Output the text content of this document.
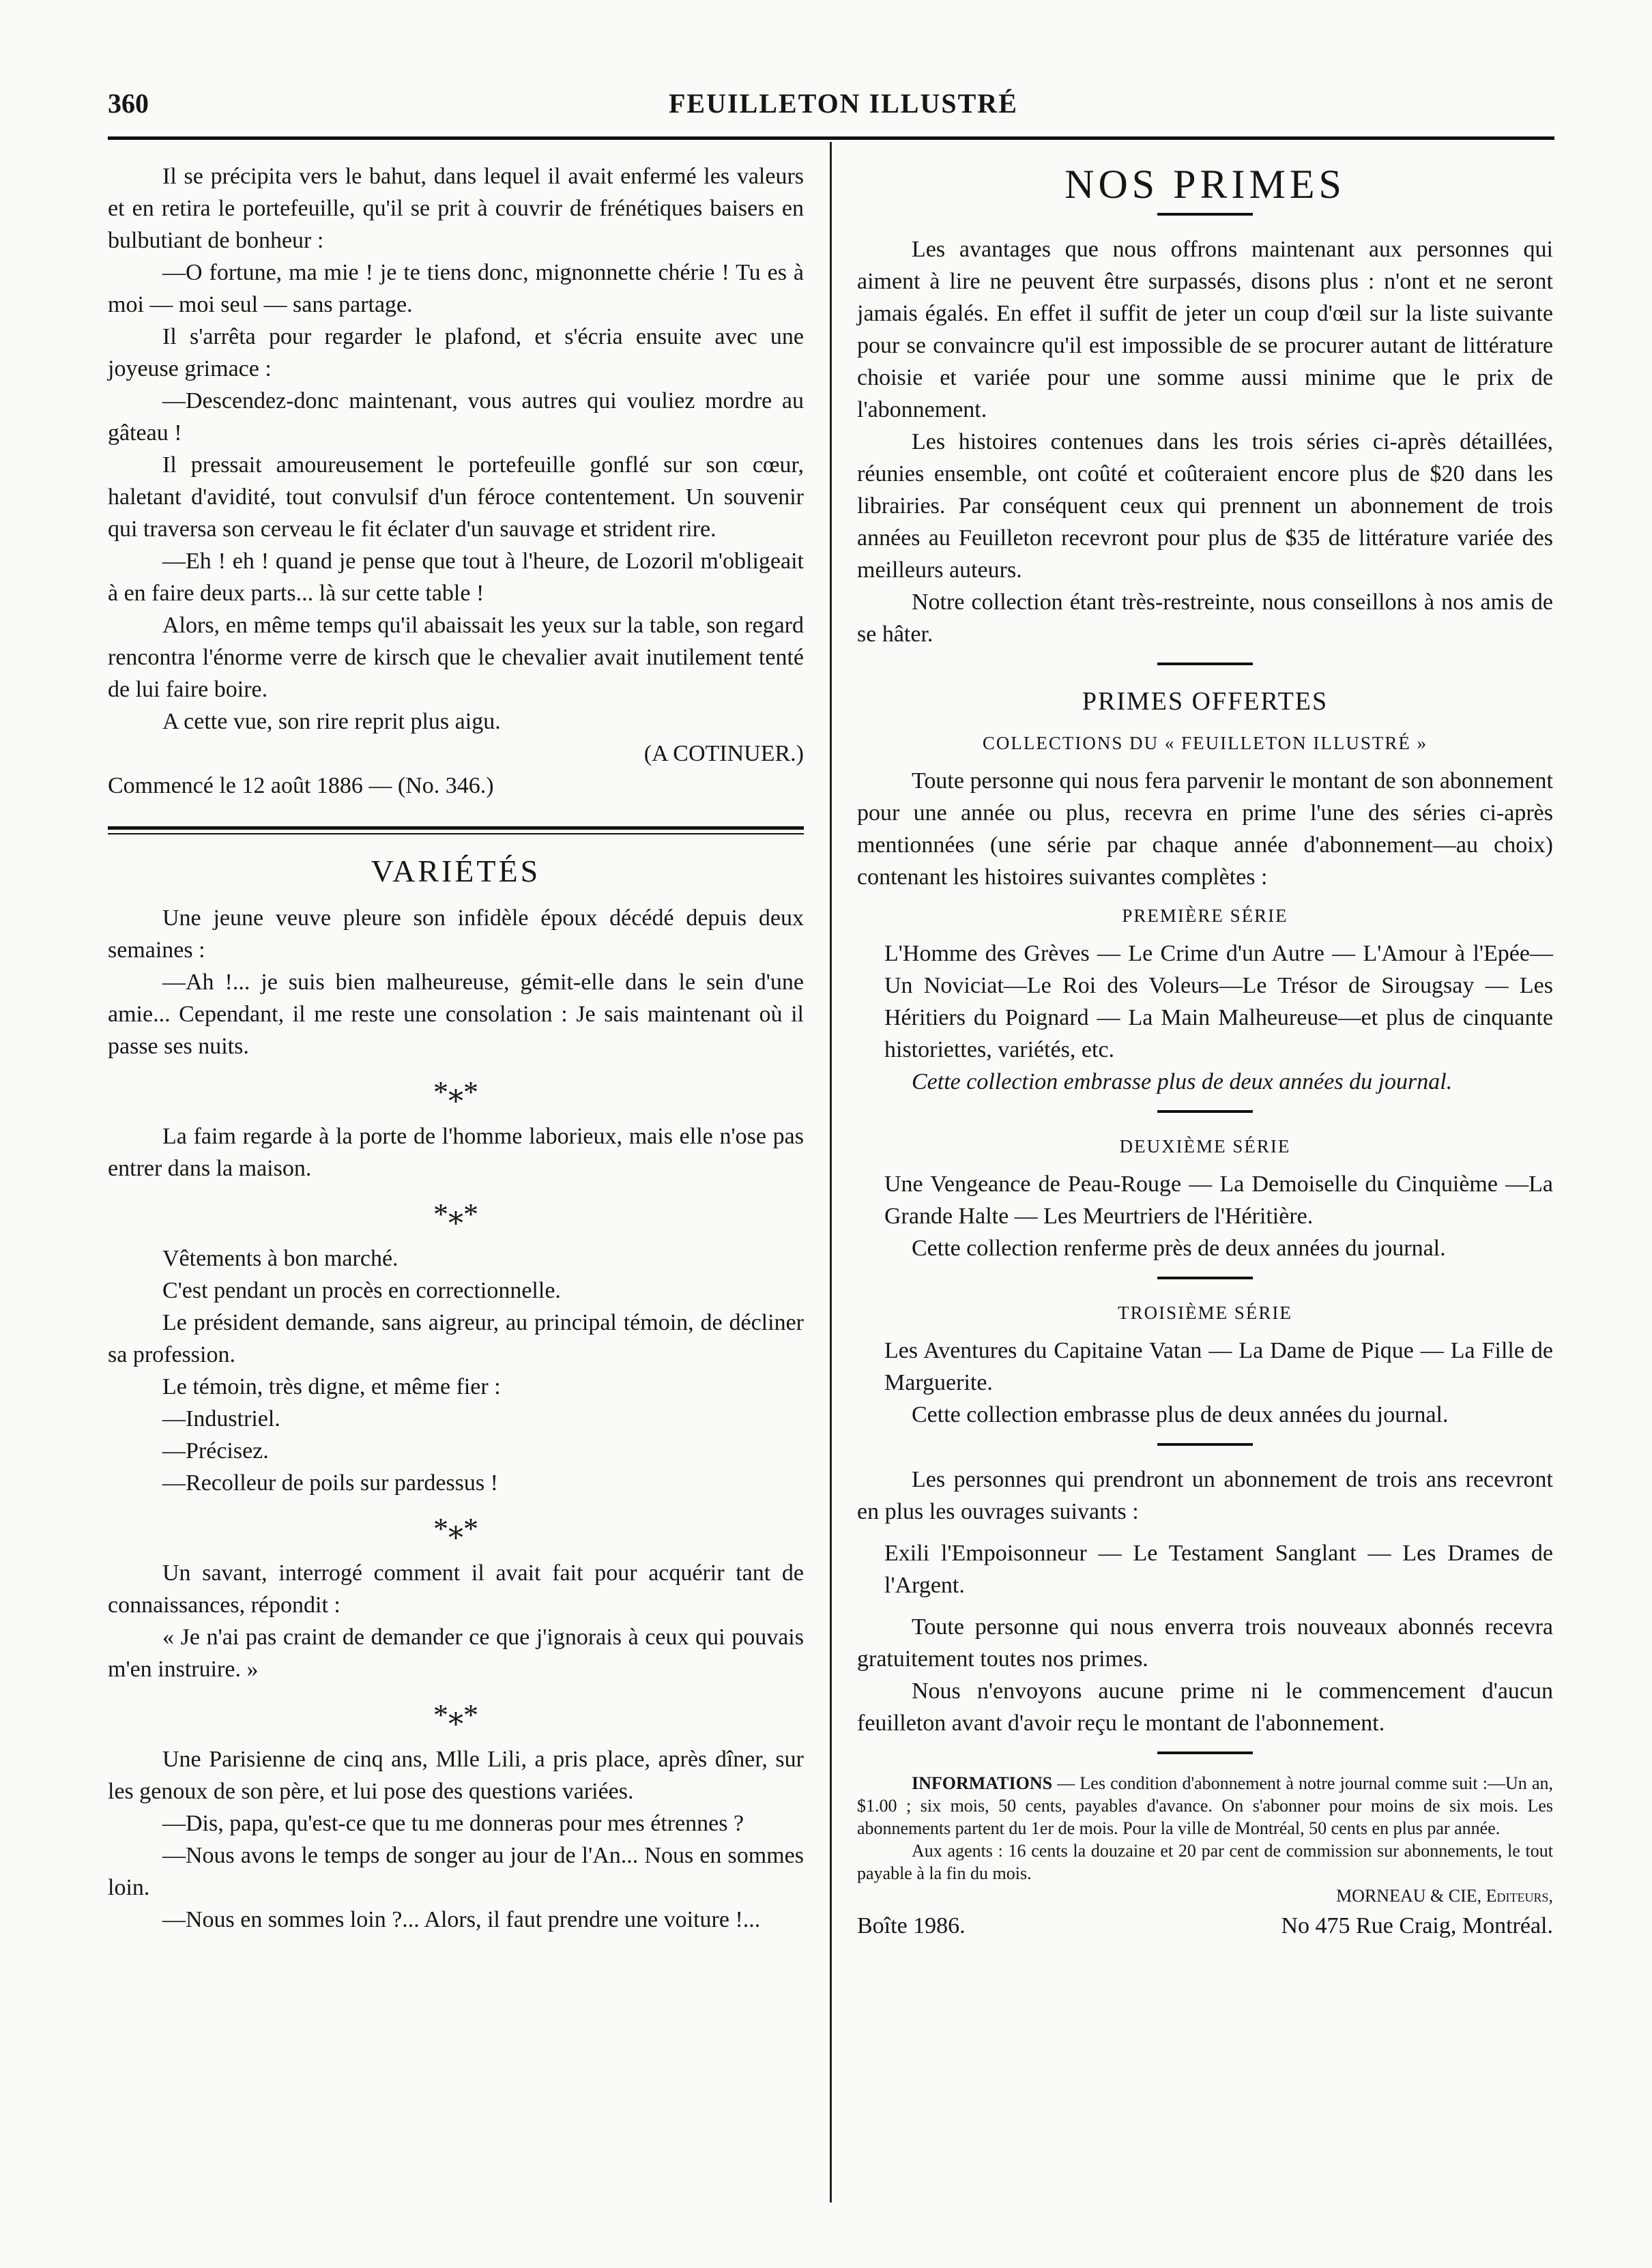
360	FEUILLETON ILLUSTRÉ

Il se précipita vers le bahut, dans lequel il avait enfermé les valeurs et en retira le portefeuille, qu'il se prit à couvrir de frénétiques baisers en bulbutiant de bonheur :

—O fortune, ma mie ! je te tiens donc, mignonnette chérie ! Tu es à moi — moi seul — sans partage.

Il s'arrêta pour regarder le plafond, et s'écria ensuite avec une joyeuse grimace :

—Descendez-donc maintenant, vous autres qui vouliez mordre au gâteau !

Il pressait amoureusement le portefeuille gonflé sur son cœur, haletant d'avidité, tout convulsif d'un féroce contentement. Un souvenir qui traversa son cerveau le fit éclater d'un sauvage et strident rire.

—Eh ! eh ! quand je pense que tout à l'heure, de Lozoril m'obligeait à en faire deux parts... là sur cette table !

Alors, en même temps qu'il abaissait les yeux sur la table, son regard rencontra l'énorme verre de kirsch que le chevalier avait inutilement tenté de lui faire boire.

A cette vue, son rire reprit plus aigu.

(A COTINUER.)

Commencé le 12 août 1886 — (No. 346.)

VARIÉTÉS

Une jeune veuve pleure son infidèle époux décédé depuis deux semaines :

—Ah !... je suis bien malheureuse, gémit-elle dans le sein d'une amie... Cependant, il me reste une consolation : Je sais maintenant où il passe ses nuits.

*⁎*

La faim regarde à la porte de l'homme laborieux, mais elle n'ose pas entrer dans la maison.

*⁎*

Vêtements à bon marché.

C'est pendant un procès en correctionnelle.

Le président demande, sans aigreur, au principal témoin, de décliner sa profession.

Le témoin, très digne, et même fier :

—Industriel.

—Précisez.

—Recolleur de poils sur pardessus !

*⁎*

Un savant, interrogé comment il avait fait pour acquérir tant de connaissances, répondit :

« Je n'ai pas craint de demander ce que j'ignorais à ceux qui pouvais m'en instruire. »

*⁎*

Une Parisienne de cinq ans, Mlle Lili, a pris place, après dîner, sur les genoux de son père, et lui pose des questions variées.

—Dis, papa, qu'est-ce que tu me donneras pour mes étrennes ?

—Nous avons le temps de songer au jour de l'An... Nous en sommes loin.

—Nous en sommes loin ?... Alors, il faut prendre une voiture !...

NOS PRIMES

Les avantages que nous offrons maintenant aux personnes qui aiment à lire ne peuvent être surpassés, disons plus : n'ont et ne seront jamais égalés. En effet il suffit de jeter un coup d'œil sur la liste suivante pour se convaincre qu'il est impossible de se procurer autant de littérature choisie et variée pour une somme aussi minime que le prix de l'abonnement.

Les histoires contenues dans les trois séries ci-après détaillées, réunies ensemble, ont coûté et coûteraient encore plus de $20 dans les librairies. Par conséquent ceux qui prennent un abonnement de trois années au Feuilleton recevront pour plus de $35 de littérature variée des meilleurs auteurs.

Notre collection étant très-restreinte, nous conseillons à nos amis de se hâter.

PRIMES OFFERTES
COLLECTIONS DU « FEUILLETON ILLUSTRÉ »

Toute personne qui nous fera parvenir le montant de son abonnement pour une année ou plus, recevra en prime l'une des séries ci-après mentionnées (une série par chaque année d'abonnement—au choix) contenant les histoires suivantes complètes :

PREMIÈRE SÉRIE

L'Homme des Grèves — Le Crime d'un Autre — L'Amour à l'Epée—Un Noviciat—Le Roi des Voleurs—Le Trésor de Sirougsay — Les Héritiers du Poignard — La Main Malheureuse—et plus de cinquante historiettes, variétés, etc.

Cette collection embrasse plus de deux années du journal.

DEUXIÈME SÉRIE

Une Vengeance de Peau-Rouge — La Demoiselle du Cinquième —La Grande Halte — Les Meurtriers de l'Héritière.

Cette collection renferme près de deux années du journal.

TROISIÈME SÉRIE

Les Aventures du Capitaine Vatan — La Dame de Pique — La Fille de Marguerite.

Cette collection embrasse plus de deux années du journal.

Les personnes qui prendront un abonnement de trois ans recevront en plus les ouvrages suivants :

Exili l'Empoisonneur — Le Testament Sanglant — Les Drames de l'Argent.

Toute personne qui nous enverra trois nouveaux abonnés recevra gratuitement toutes nos primes.

Nous n'envoyons aucune prime ni le commencement d'aucun feuilleton avant d'avoir reçu le montant de l'abonnement.

INFORMATIONS — Les condition d'abonnement à notre journal comme suit :—Un an, $1.00 ; six mois, 50 cents, payables d'avance. On s'abonner pour moins de six mois. Les abonnements partent du 1er de mois. Pour la ville de Montréal, 50 cents en plus par année.

Aux agents : 16 cents la douzaine et 20 par cent de commission sur abonnements, le tout payable à la fin du mois.

MORNEAU & CIE, Editeurs,

Boîte 1986.	No 475 Rue Craig, Montréal.
